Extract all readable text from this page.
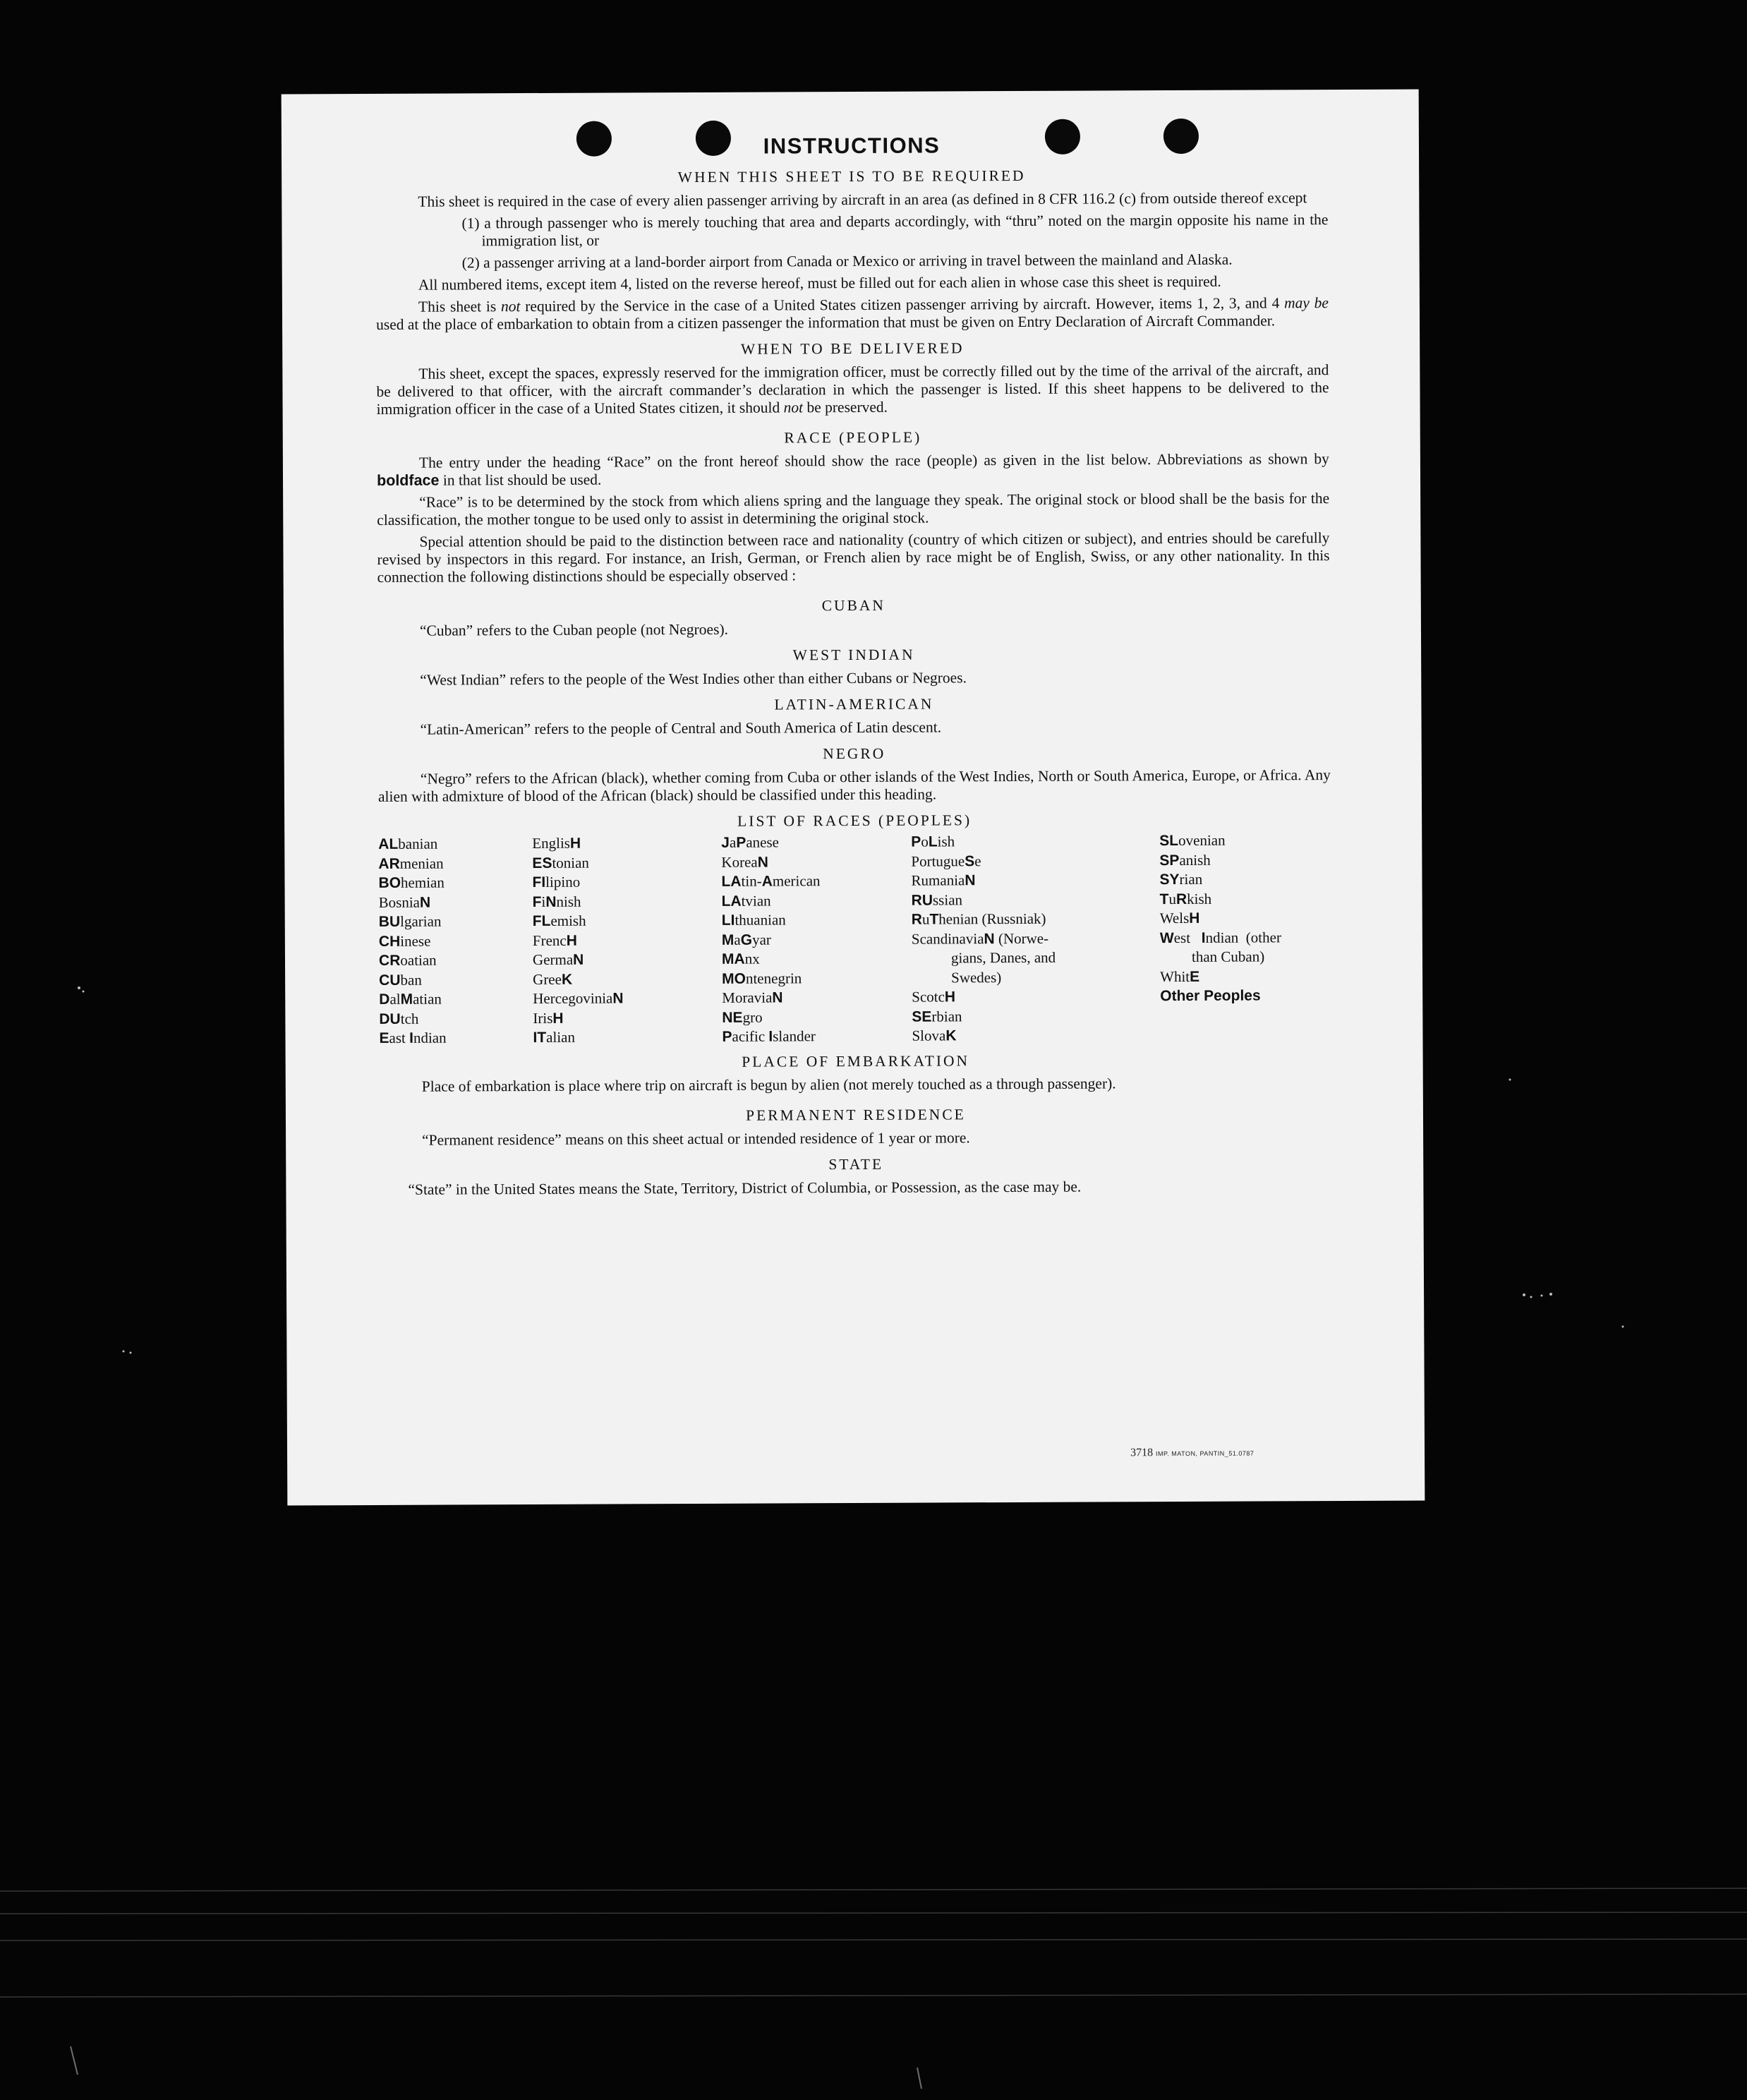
INSTRUCTIONS
WHEN THIS SHEET IS TO BE REQUIRED

This sheet is required in the case of every alien passenger arriving by aircraft in an area (as defined in 8 CFR 116.2 (c) from outside thereof except

(1) a through passenger who is merely touching that area and departs accordingly, with “thru” noted on the margin opposite his name in the immigration list, or

(2) a passenger arriving at a land-border airport from Canada or Mexico or arriving in travel between the mainland and Alaska.

All numbered items, except item 4, listed on the reverse hereof, must be filled out for each alien in whose case this sheet is required.

This sheet is not required by the Service in the case of a United States citizen passenger arriving by aircraft. However, items 1, 2, 3, and 4 may be used at the place of embarkation to obtain from a citizen passenger the information that must be given on Entry Declaration of Aircraft Commander.

WHEN TO BE DELIVERED

This sheet, except the spaces, expressly reserved for the immigration officer, must be correctly filled out by the time of the arrival of the aircraft, and be delivered to that officer, with the aircraft commander’s declaration in which the passenger is listed. If this sheet happens to be delivered to the immigration officer in the case of a United States citizen, it should not be preserved.

RACE (PEOPLE)

The entry under the heading “Race” on the front hereof should show the race (people) as given in the list below. Abbreviations as shown by boldface in that list should be used.

“Race” is to be determined by the stock from which aliens spring and the language they speak. The original stock or blood shall be the basis for the classification, the mother tongue to be used only to assist in determining the original stock.

Special attention should be paid to the distinction between race and nationality (country of which citizen or subject), and entries should be carefully revised by inspectors in this regard. For instance, an Irish, German, or French alien by race might be of English, Swiss, or any other nationality. In this connection the following distinctions should be especially observed :

CUBAN

“Cuban” refers to the Cuban people (not Negroes).

WEST INDIAN

“West Indian” refers to the people of the West Indies other than either Cubans or Negroes.

LATIN-AMERICAN

“Latin-American” refers to the people of Central and South America of Latin descent.

NEGRO

“Negro” refers to the African (black), whether coming from Cuba or other islands of the West Indies, North or South America, Europe, or Africa. Any alien with admixture of blood of the African (black) should be classified under this heading.

LIST OF RACES (PEOPLES)
ALbanian
ARmenian
BOhemian
BosniaN
BUlgarian
CHinese
CRoatian
CUban
DalMatian
DUtch
East Indian
EnglisH
EStonian
FIlipino
FiNnish
FLemish
FrencH
GermaN
GreeK
HercegoviniaN
IrisH
ITalian
JaPanese
KoreaN
LAtin-American
LAtvian
LIthuanian
MaGyar
MAnx
MOntenegrin
MoraviaN
NEgro
Pacific Islander
PoLish
PortugueSe
RumaniaN
RUssian
RuThenian (Russniak)
ScandinaviaN (Norwe-
gians, Danes, and
Swedes)
ScotcH
SErbian
SlovaK
SLovenian
SPanish
SYrian
TuRkish
WelsH
West   Indian  (other
than Cuban)
WhitE
Other Peoples
PLACE OF EMBARKATION

Place of embarkation is place where trip on aircraft is begun by alien (not merely touched as a through passenger).

PERMANENT RESIDENCE

“Permanent residence” means on this sheet actual or intended residence of 1 year or more.

STATE

“State” in the United States means the State, Territory, District of Columbia, or Possession, as the case may be.

3718 IMP. MATON, PANTIN_51.0787
